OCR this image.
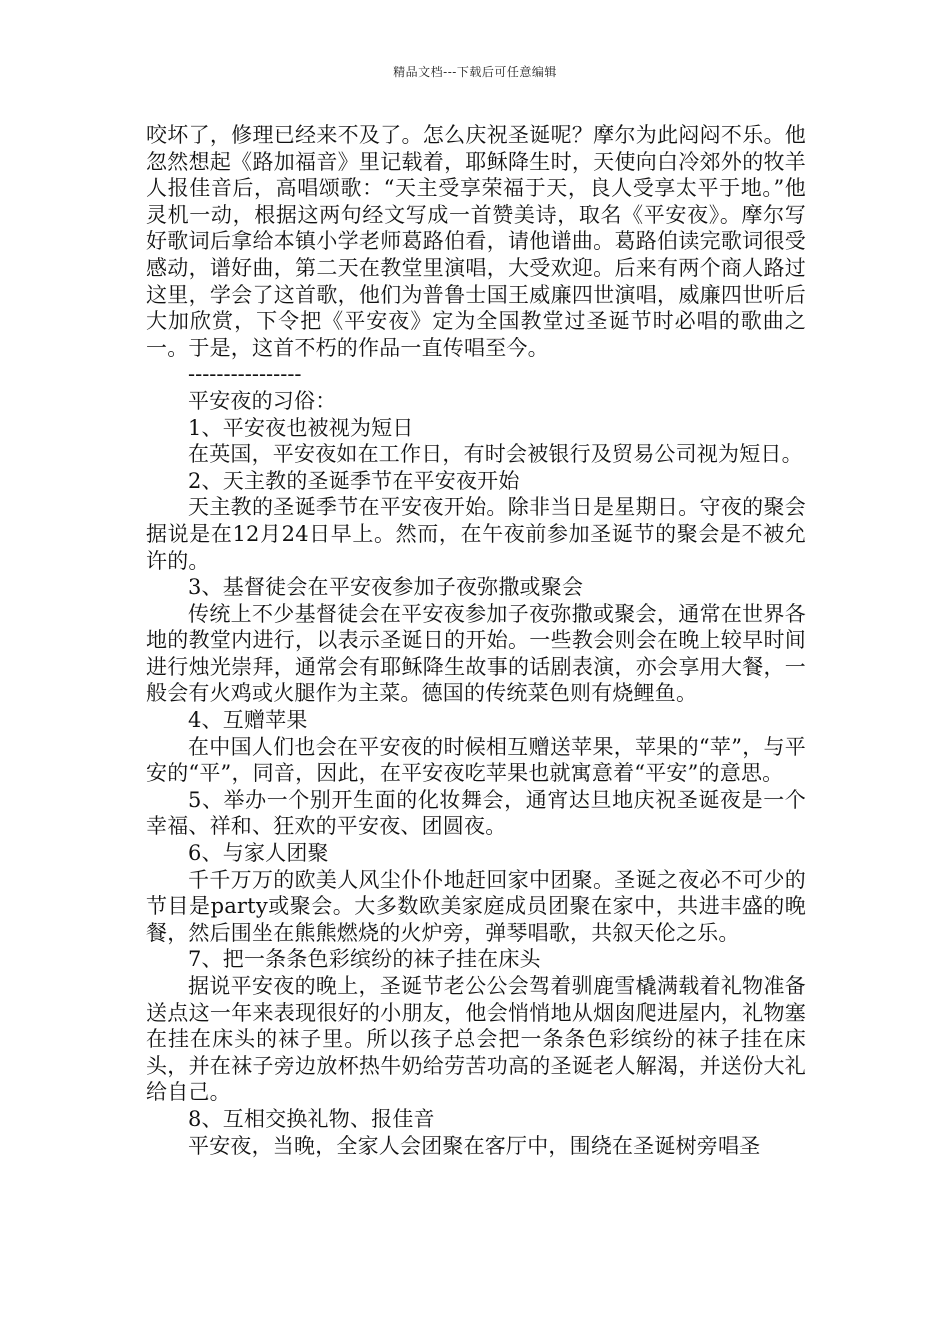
精品文档---下载后可任意编辑

咬坏了，修理已经来不及了。怎么庆祝圣诞呢？摩尔为此闷闷不乐。他忽然想起《路加福音》里记载着，耶稣降生时，天使向白冷郊外的牧羊人报佳音后，高唱颂歌：“天主受享荣福于天，良人受享太平于地。”他灵机一动，根据这两句经文写成一首赞美诗，取名《平安夜》。摩尔写好歌词后拿给本镇小学老师葛路伯看，请他谱曲。葛路伯读完歌词很受感动，谱好曲，第二天在教堂里演唱，大受欢迎。后来有两个商人路过这里，学会了这首歌，他们为普鲁士国王威廉四世演唱，威廉四世听后大加欣赏，下令把《平安夜》定为全国教堂过圣诞节时必唱的歌曲之一。于是，这首不朽的作品一直传唱至今。

----------------

平安夜的习俗：

1、平安夜也被视为短日

在英国，平安夜如在工作日，有时会被银行及贸易公司视为短日。

2、天主教的圣诞季节在平安夜开始

天主教的圣诞季节在平安夜开始。除非当日是星期日。守夜的聚会据说是在12月24日早上。然而，在午夜前参加圣诞节的聚会是不被允许的。

3、基督徒会在平安夜参加子夜弥撒或聚会

传统上不少基督徒会在平安夜参加子夜弥撒或聚会，通常在世界各地的教堂内进行，以表示圣诞日的开始。一些教会则会在晚上较早时间进行烛光崇拜，通常会有耶稣降生故事的话剧表演，亦会享用大餐，一般会有火鸡或火腿作为主菜。德国的传统菜色则有烧鲤鱼。

4、互赠苹果

在中国人们也会在平安夜的时候相互赠送苹果，苹果的“苹”，与平安的“平”，同音，因此，在平安夜吃苹果也就寓意着“平安”的意思。

5、举办一个别开生面的化妆舞会，通宵达旦地庆祝圣诞夜是一个幸福、祥和、狂欢的平安夜、团圆夜。

6、与家人团聚

千千万万的欧美人风尘仆仆地赶回家中团聚。圣诞之夜必不可少的节目是party或聚会。大多数欧美家庭成员团聚在家中，共进丰盛的晚餐，然后围坐在熊熊燃烧的火炉旁，弹琴唱歌，共叙天伦之乐。

7、把一条条色彩缤纷的袜子挂在床头

据说平安夜的晚上，圣诞节老公公会驾着驯鹿雪橇满载着礼物准备送点这一年来表现很好的小朋友，他会悄悄地从烟囱爬进屋内，礼物塞在挂在床头的袜子里。所以孩子总会把一条条色彩缤纷的袜子挂在床头，并在袜子旁边放杯热牛奶给劳苦功高的圣诞老人解渴，并送份大礼给自己。

8、互相交换礼物、报佳音

平安夜，当晚，全家人会团聚在客厅中，围绕在圣诞树旁唱圣
